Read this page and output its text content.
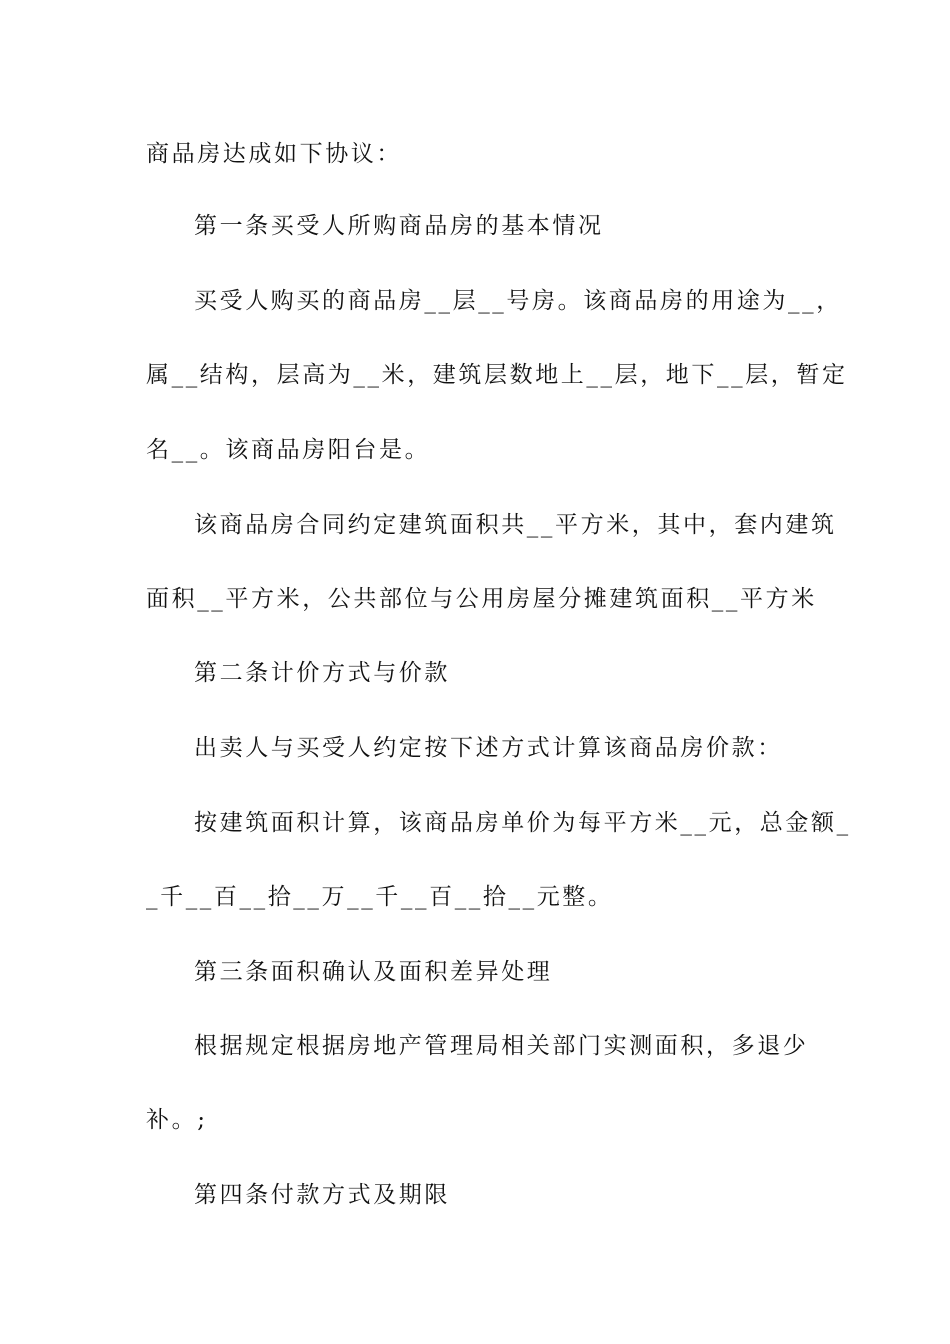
商品房达成如下协议：
第一条买受人所购商品房的基本情况
买受人购买的商品房__层__号房。该商品房的用途为__，
属__结构，层高为__米，建筑层数地上__层，地下__层，暂定
名__。该商品房阳台是。
该商品房合同约定建筑面积共__平方米，其中，套内建筑
面积__平方米，公共部位与公用房屋分摊建筑面积__平方米
第二条计价方式与价款
出卖人与买受人约定按下述方式计算该商品房价款：
按建筑面积计算，该商品房单价为每平方米__元，总金额_
_千__百__拾__万__千__百__拾__元整。
第三条面积确认及面积差异处理
根据规定根据房地产管理局相关部门实测面积，多退少
补。;
第四条付款方式及期限
